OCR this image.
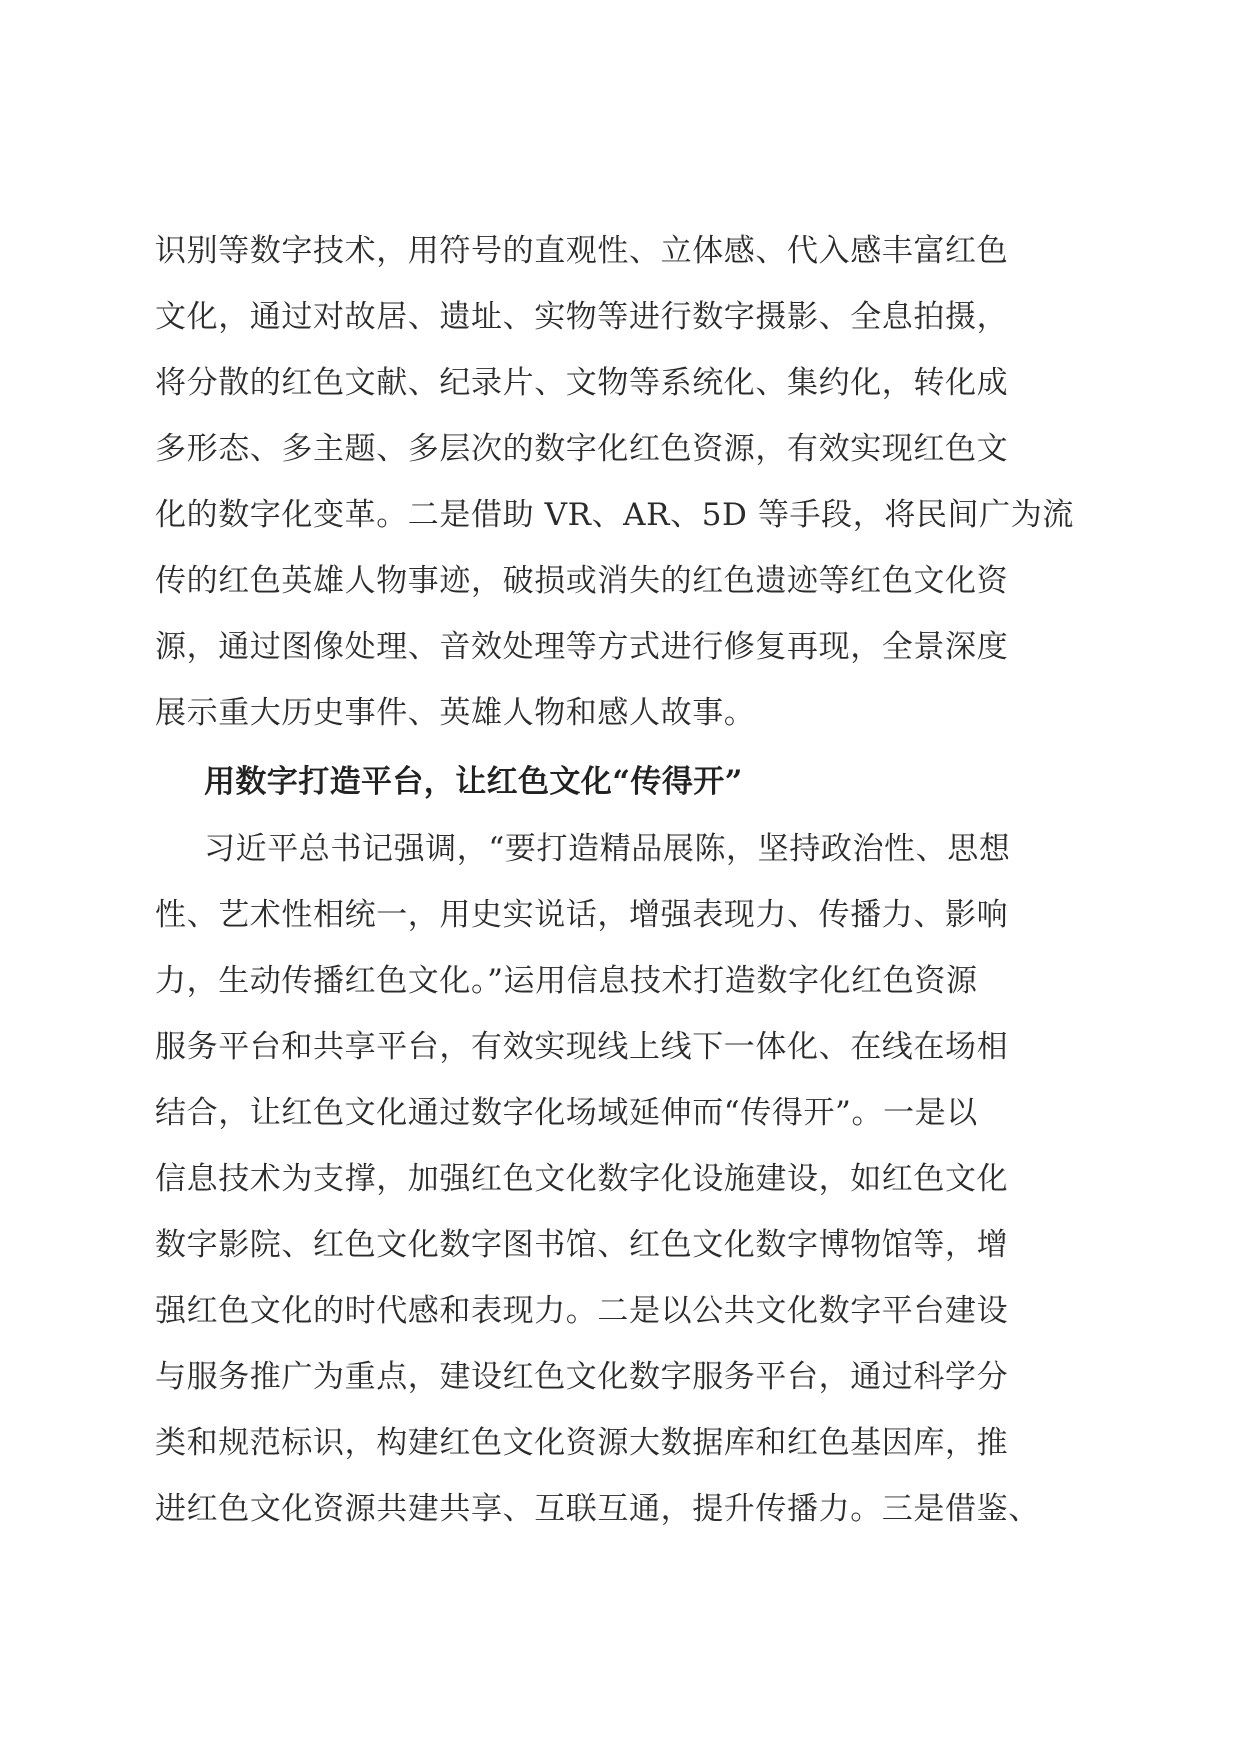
识别等数字技术，用符号的直观性、立体感、代入感丰富红色
文化，通过对故居、遗址、实物等进行数字摄影、全息拍摄，
将分散的红色文献、纪录片、文物等系统化、集约化，转化成
多形态、多主题、多层次的数字化红色资源，有效实现红色文
化的数字化变革。二是借助 VR、AR、5D 等手段，将民间广为流
传的红色英雄人物事迹，破损或消失的红色遗迹等红色文化资
源，通过图像处理、音效处理等方式进行修复再现，全景深度
展示重大历史事件、英雄人物和感人故事。
用数字打造平台，让红色文化“传得开”
习近平总书记强调，“要打造精品展陈，坚持政治性、思想
性、艺术性相统一，用史实说话，增强表现力、传播力、影响
力，生动传播红色文化。”运用信息技术打造数字化红色资源
服务平台和共享平台，有效实现线上线下一体化、在线在场相
结合，让红色文化通过数字化场域延伸而“传得开”。一是以
信息技术为支撑，加强红色文化数字化设施建设，如红色文化
数字影院、红色文化数字图书馆、红色文化数字博物馆等，增
强红色文化的时代感和表现力。二是以公共文化数字平台建设
与服务推广为重点，建设红色文化数字服务平台，通过科学分
类和规范标识，构建红色文化资源大数据库和红色基因库，推
进红色文化资源共建共享、互联互通，提升传播力。三是借鉴、
